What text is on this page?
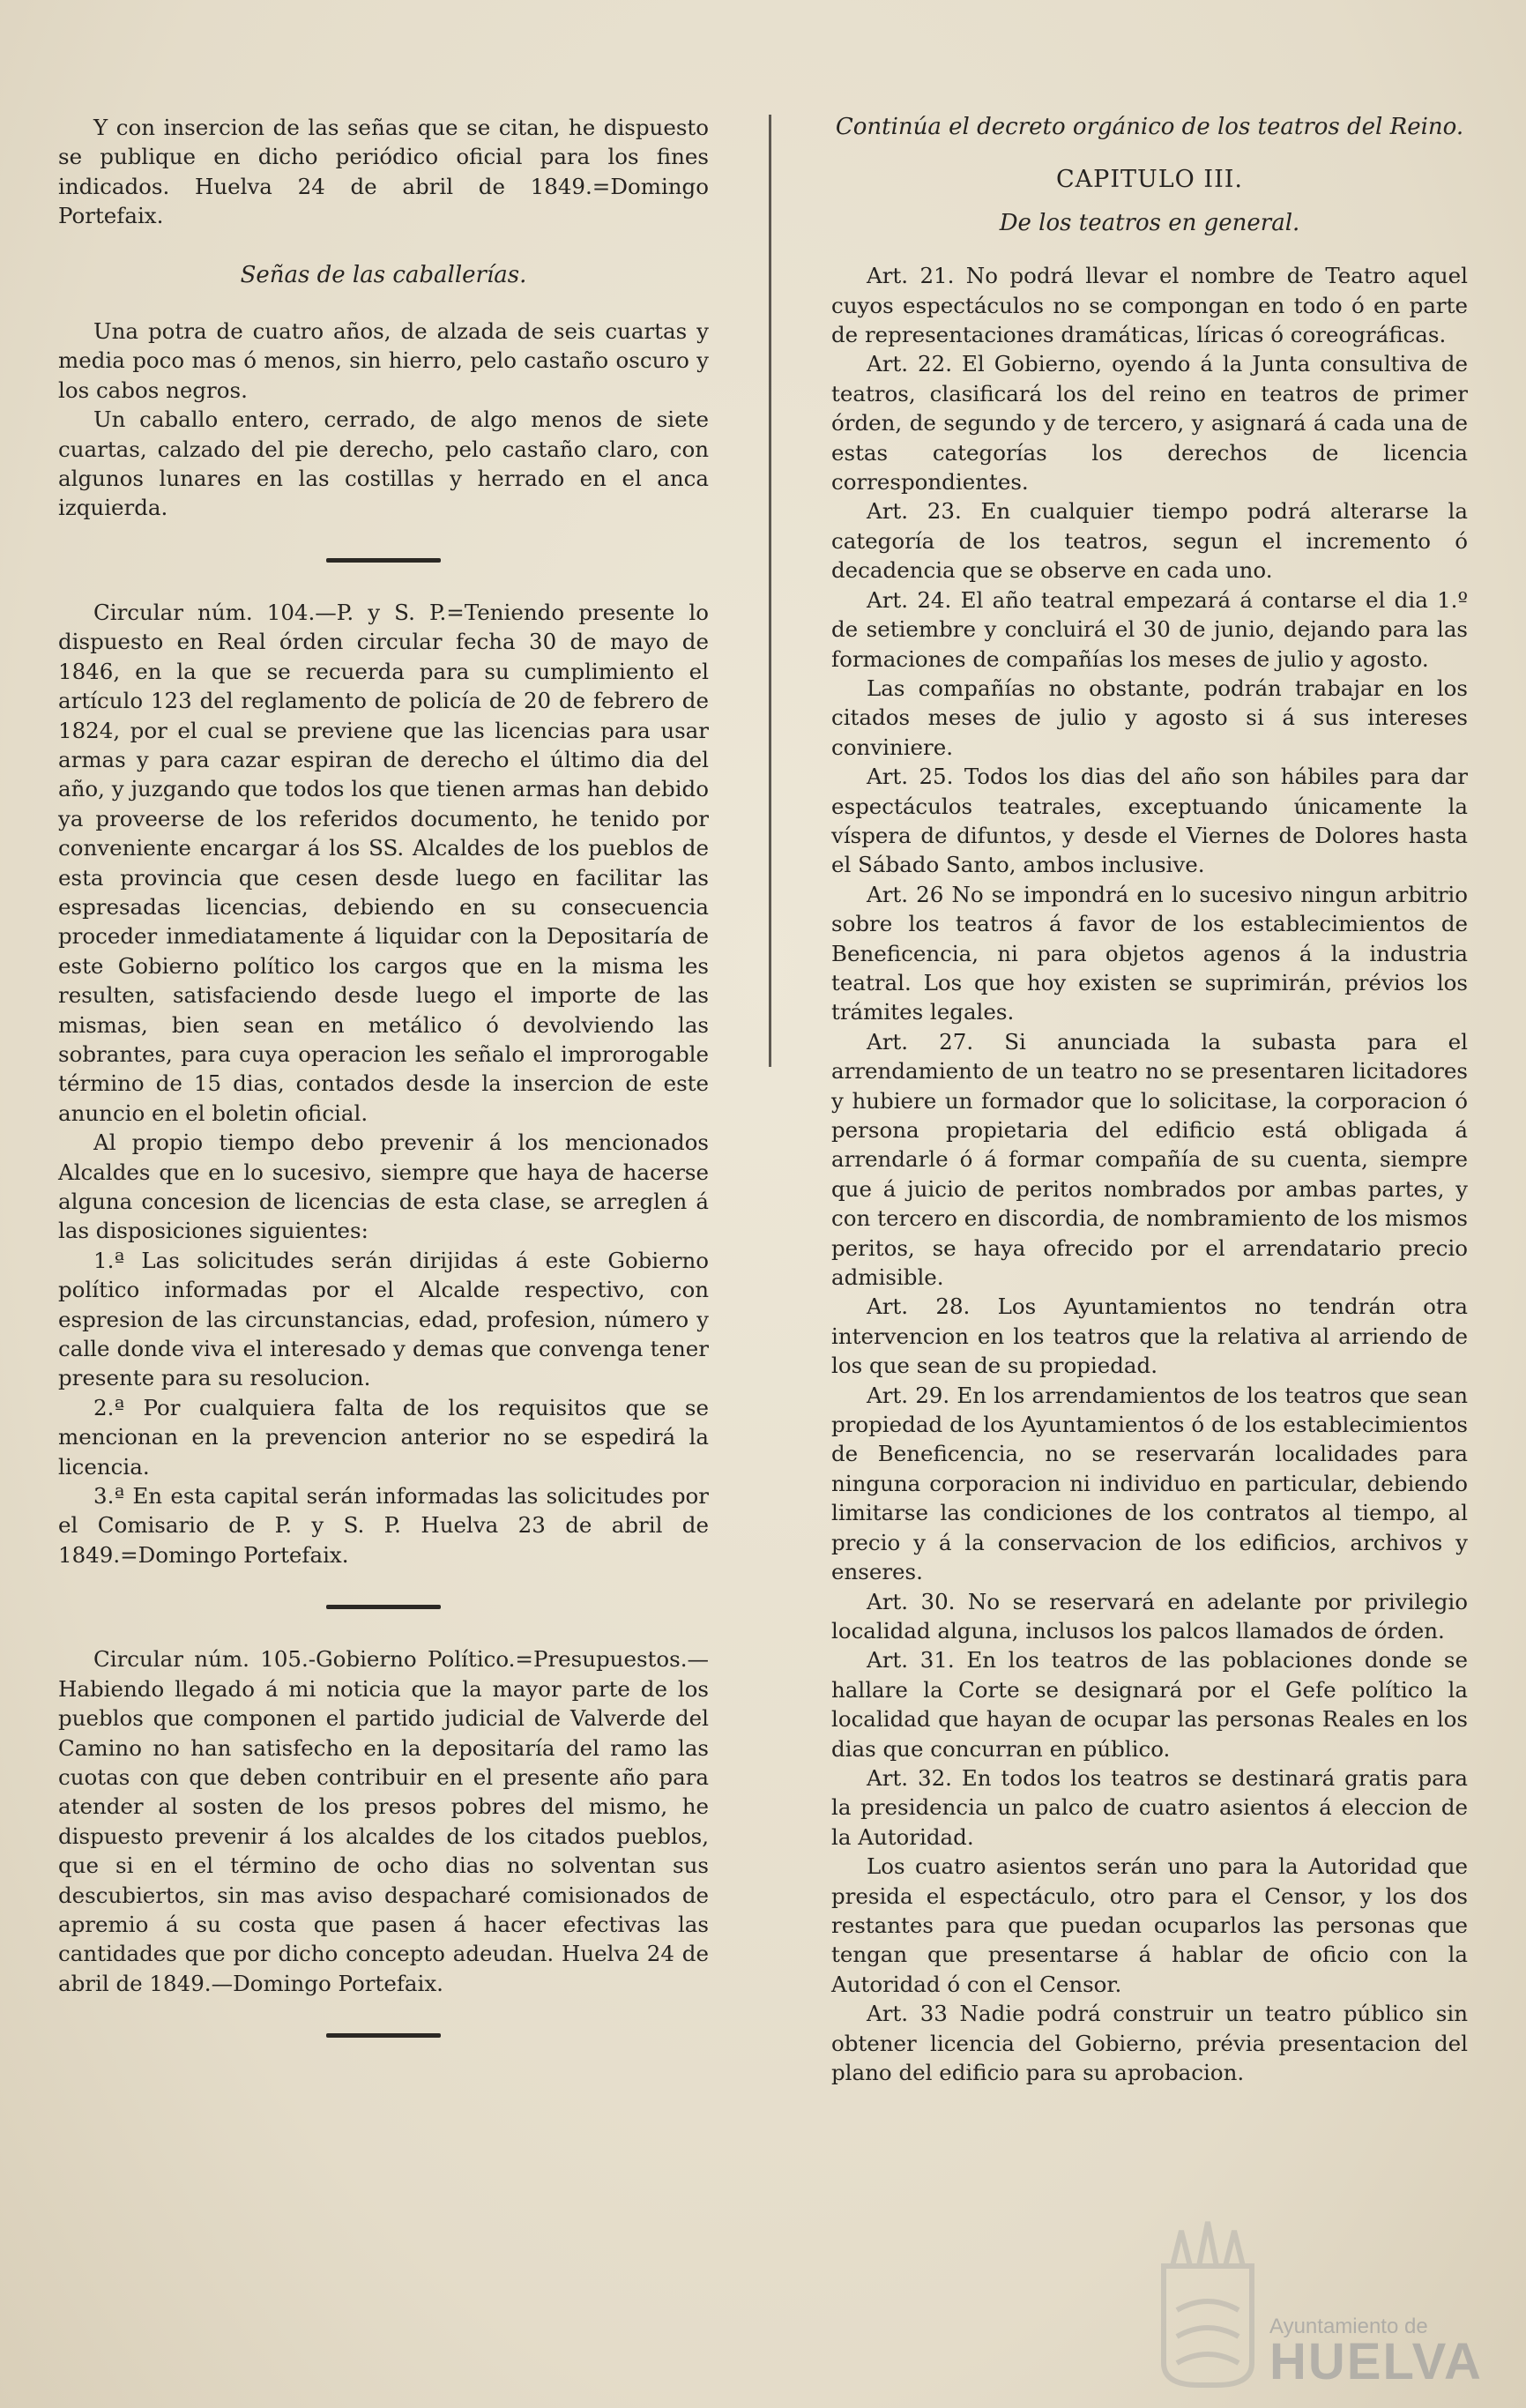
Y con insercion de las señas que se citan, he dispuesto se publique en dicho periódico oficial para los fines indicados. Huelva 24 de abril de 1849.=Domingo Portefaix.

Señas de las caballerías.

Una potra de cuatro años, de alzada de seis cuartas y media poco mas ó menos, sin hierro, pelo castaño oscuro y los cabos negros.

Un caballo entero, cerrado, de algo menos de siete cuartas, calzado del pie derecho, pelo castaño claro, con algunos lunares en las costillas y herrado en el anca izquierda.

Circular núm. 104.—P. y S. P.=Teniendo presente lo dispuesto en Real órden circular fecha 30 de mayo de 1846, en la que se recuerda para su cumplimiento el artículo 123 del reglamento de policía de 20 de febrero de 1824, por el cual se previene que las licencias para usar armas y para cazar espiran de derecho el último dia del año, y juzgando que todos los que tienen armas han debido ya proveerse de los referidos documento, he tenido por conveniente encargar á los SS. Alcaldes de los pueblos de esta provincia que cesen desde luego en facilitar las espresadas licencias, debiendo en su consecuencia proceder inmediatamente á liquidar con la Depositaría de este Gobierno político los cargos que en la misma les resulten, satisfaciendo desde luego el importe de las mismas, bien sean en metálico ó devolviendo las sobrantes, para cuya operacion les señalo el improrogable término de 15 dias, contados desde la insercion de este anuncio en el boletin oficial.

Al propio tiempo debo prevenir á los mencionados Alcaldes que en lo sucesivo, siempre que haya de hacerse alguna concesion de licencias de esta clase, se arreglen á las disposiciones siguientes:

1.ª Las solicitudes serán dirijidas á este Gobierno político informadas por el Alcalde respectivo, con espresion de las circunstancias, edad, profesion, número y calle donde viva el interesado y demas que convenga tener presente para su resolucion.

2.ª Por cualquiera falta de los requisitos que se mencionan en la prevencion anterior no se espedirá la licencia.

3.ª En esta capital serán informadas las solicitudes por el Comisario de P. y S. P. Huelva 23 de abril de 1849.=Domingo Portefaix.

Circular núm. 105.-Gobierno Político.=Presupuestos.—Habiendo llegado á mi noticia que la mayor parte de los pueblos que componen el partido judicial de Valverde del Camino no han satisfecho en la depositaría del ramo las cuotas con que deben contribuir en el presente año para atender al sosten de los presos pobres del mismo, he dispuesto prevenir á los alcaldes de los citados pueblos, que si en el término de ocho dias no solventan sus descubiertos, sin mas aviso despacharé comisionados de apremio á su costa que pasen á hacer efectivas las cantidades que por dicho concepto adeudan. Huelva 24 de abril de 1849.—Domingo Portefaix.

Continúa el decreto orgánico de los teatros del Reino.
CAPITULO III.
De los teatros en general.

Art. 21. No podrá llevar el nombre de Teatro aquel cuyos espectáculos no se compongan en todo ó en parte de representaciones dramáticas, líricas ó coreográficas.

Art. 22. El Gobierno, oyendo á la Junta consultiva de teatros, clasificará los del reino en teatros de primer órden, de segundo y de tercero, y asignará á cada una de estas categorías los derechos de licencia correspondientes.

Art. 23. En cualquier tiempo podrá alterarse la categoría de los teatros, segun el incremento ó decadencia que se observe en cada uno.

Art. 24. El año teatral empezará á contarse el dia 1.º de setiembre y concluirá el 30 de junio, dejando para las formaciones de compañías los meses de julio y agosto.

Las compañías no obstante, podrán trabajar en los citados meses de julio y agosto si á sus intereses conviniere.

Art. 25. Todos los dias del año son hábiles para dar espectáculos teatrales, exceptuando únicamente la víspera de difuntos, y desde el Viernes de Dolores hasta el Sábado Santo, ambos inclusive.

Art. 26 No se impondrá en lo sucesivo ningun arbitrio sobre los teatros á favor de los establecimientos de Beneficencia, ni para objetos agenos á la industria teatral. Los que hoy existen se suprimirán, prévios los trámites legales.

Art. 27. Si anunciada la subasta para el arrendamiento de un teatro no se presentaren licitadores y hubiere un formador que lo solicitase, la corporacion ó persona propietaria del edificio está obligada á arrendarle ó á formar compañía de su cuenta, siempre que á juicio de peritos nombrados por ambas partes, y con tercero en discordia, de nombramiento de los mismos peritos, se haya ofrecido por el arrendatario precio admisible.

Art. 28. Los Ayuntamientos no tendrán otra intervencion en los teatros que la relativa al arriendo de los que sean de su propiedad.

Art. 29. En los arrendamientos de los teatros que sean propiedad de los Ayuntamientos ó de los establecimientos de Beneficencia, no se reservarán localidades para ninguna corporacion ni individuo en particular, debiendo limitarse las condiciones de los contratos al tiempo, al precio y á la conservacion de los edificios, archivos y enseres.

Art. 30. No se reservará en adelante por privilegio localidad alguna, inclusos los palcos llamados de órden.

Art. 31. En los teatros de las poblaciones donde se hallare la Corte se designará por el Gefe político la localidad que hayan de ocupar las personas Reales en los dias que concurran en público.

Art. 32. En todos los teatros se destinará gratis para la presidencia un palco de cuatro asientos á eleccion de la Autoridad.

Los cuatro asientos serán uno para la Autoridad que presida el espectáculo, otro para el Censor, y los dos restantes para que puedan ocuparlos las personas que tengan que presentarse á hablar de oficio con la Autoridad ó con el Censor.

Art. 33 Nadie podrá construir un teatro público sin obtener licencia del Gobierno, prévia presentacion del plano del edificio para su aprobacion.

Ayuntamiento de
HUELVA
